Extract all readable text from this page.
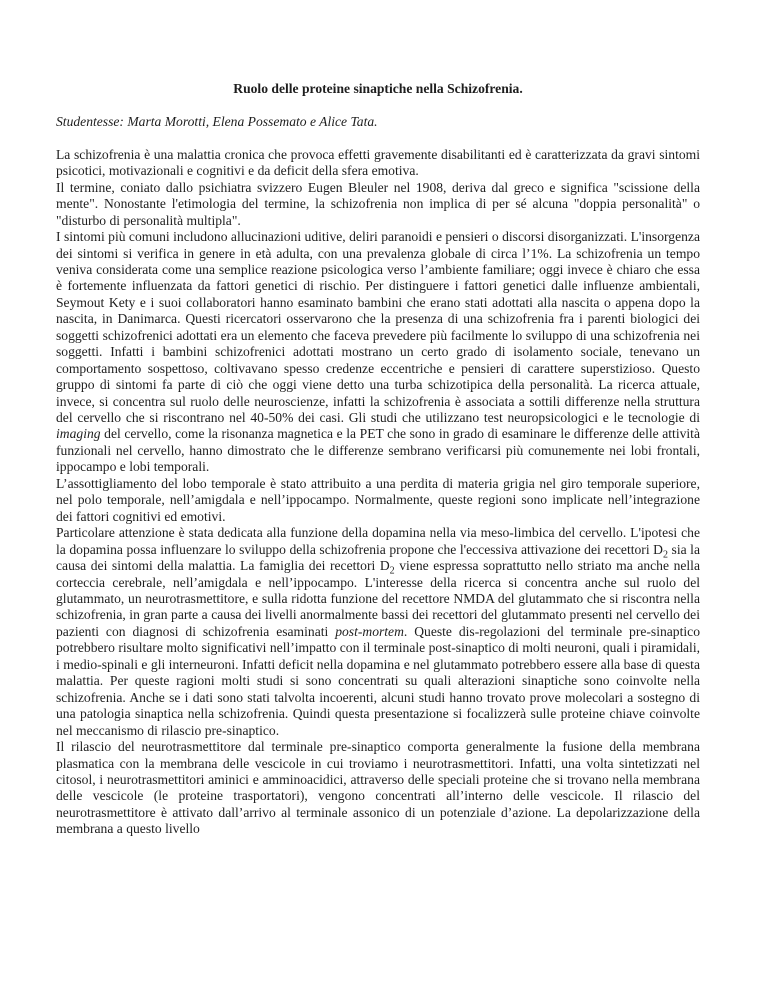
Ruolo delle proteine sinaptiche nella Schizofrenia.

Studentesse: Marta Morotti, Elena Possemato e Alice Tata.

La schizofrenia è una malattia cronica che provoca effetti gravemente disabilitanti ed è caratterizzata da gravi sintomi psicotici, motivazionali e cognitivi e da deficit della sfera emotiva.

Il termine, coniato dallo psichiatra svizzero Eugen Bleuler nel 1908, deriva dal greco e significa "scissione della mente". Nonostante l'etimologia del termine, la schizofrenia non implica di per sé alcuna "doppia personalità" o "disturbo di personalità multipla".

I sintomi più comuni includono allucinazioni uditive, deliri paranoidi e pensieri o discorsi disorganizzati. L'insorgenza dei sintomi si verifica in genere in età adulta, con una prevalenza globale di circa l’1%. La schizofrenia un tempo veniva considerata come una semplice reazione psicologica verso l’ambiente familiare; oggi invece è chiaro che essa è fortemente influenzata da fattori genetici di rischio. Per distinguere i fattori genetici dalle influenze ambientali, Seymout Kety e i suoi collaboratori hanno esaminato bambini che erano stati adottati alla nascita o appena dopo la nascita, in Danimarca. Questi ricercatori osservarono che la presenza di una schizofrenia fra i parenti biologici dei soggetti schizofrenici adottati era un elemento che faceva prevedere più facilmente lo sviluppo di una schizofrenia nei soggetti. Infatti i bambini schizofrenici adottati mostrano un certo grado di isolamento sociale, tenevano un comportamento sospettoso, coltivavano spesso credenze eccentriche e pensieri di carattere superstizioso. Questo gruppo di sintomi fa parte di ciò che oggi viene detto una turba schizotipica della personalità. La ricerca attuale, invece, si concentra sul ruolo delle neuroscienze, infatti la schizofrenia è associata a sottili differenze nella struttura del cervello che si riscontrano nel 40-50% dei casi. Gli studi che utilizzano test neuropsicologici e le tecnologie di imaging del cervello, come la risonanza magnetica e la PET che sono in grado di esaminare le differenze delle attività funzionali nel cervello, hanno dimostrato che le differenze sembrano verificarsi più comunemente nei lobi frontali, ippocampo e lobi temporali.

L’assottigliamento del lobo temporale è stato attribuito a una perdita di materia grigia nel giro temporale superiore, nel polo temporale, nell’amigdala e nell’ippocampo. Normalmente, queste regioni sono implicate nell’integrazione dei fattori cognitivi ed emotivi.

Particolare attenzione è stata dedicata alla funzione della dopamina nella via meso-limbica del cervello. L'ipotesi che la dopamina possa influenzare lo sviluppo della schizofrenia propone che l'eccessiva attivazione dei recettori $D_2$ sia la causa dei sintomi della malattia. La famiglia dei recettori $D_2$ viene espressa soprattutto nello striato ma anche nella corteccia cerebrale, nell’amigdala e nell’ippocampo. L'interesse della ricerca si concentra anche sul ruolo del glutammato, un neurotrasmettitore, e sulla ridotta funzione del recettore NMDA del glutammato che si riscontra nella schizofrenia, in gran parte a causa dei livelli anormalmente bassi dei recettori del glutammato presenti nel cervello dei pazienti con diagnosi di schizofrenia esaminati post-mortem. Queste dis-regolazioni del terminale pre-sinaptico potrebbero risultare molto significativi nell’impatto con il terminale post-sinaptico di molti neuroni, quali i piramidali, i medio-spinali e gli interneuroni. Infatti deficit nella dopamina e nel glutammato potrebbero essere alla base di questa malattia. Per queste ragioni molti studi si sono concentrati su quali alterazioni sinaptiche sono coinvolte nella schizofrenia. Anche se i dati sono stati talvolta incoerenti, alcuni studi hanno trovato prove molecolari a sostegno di una patologia sinaptica nella schizofrenia. Quindi questa presentazione si focalizzerà sulle proteine chiave coinvolte nel meccanismo di rilascio pre-sinaptico.

Il rilascio del neurotrasmettitore dal terminale pre-sinaptico comporta generalmente la fusione della membrana plasmatica con la membrana delle vescicole in cui troviamo i neurotrasmettitori. Infatti, una volta sintetizzati nel citosol, i neurotrasmettitori aminici e amminoacidici, attraverso delle speciali proteine che si trovano nella membrana delle vescicole (le proteine trasportatori), vengono concentrati all’interno delle vescicole. Il rilascio del neurotrasmettitore è attivato dall’arrivo al terminale assonico di un potenziale d’azione. La depolarizzazione della membrana a questo livello
